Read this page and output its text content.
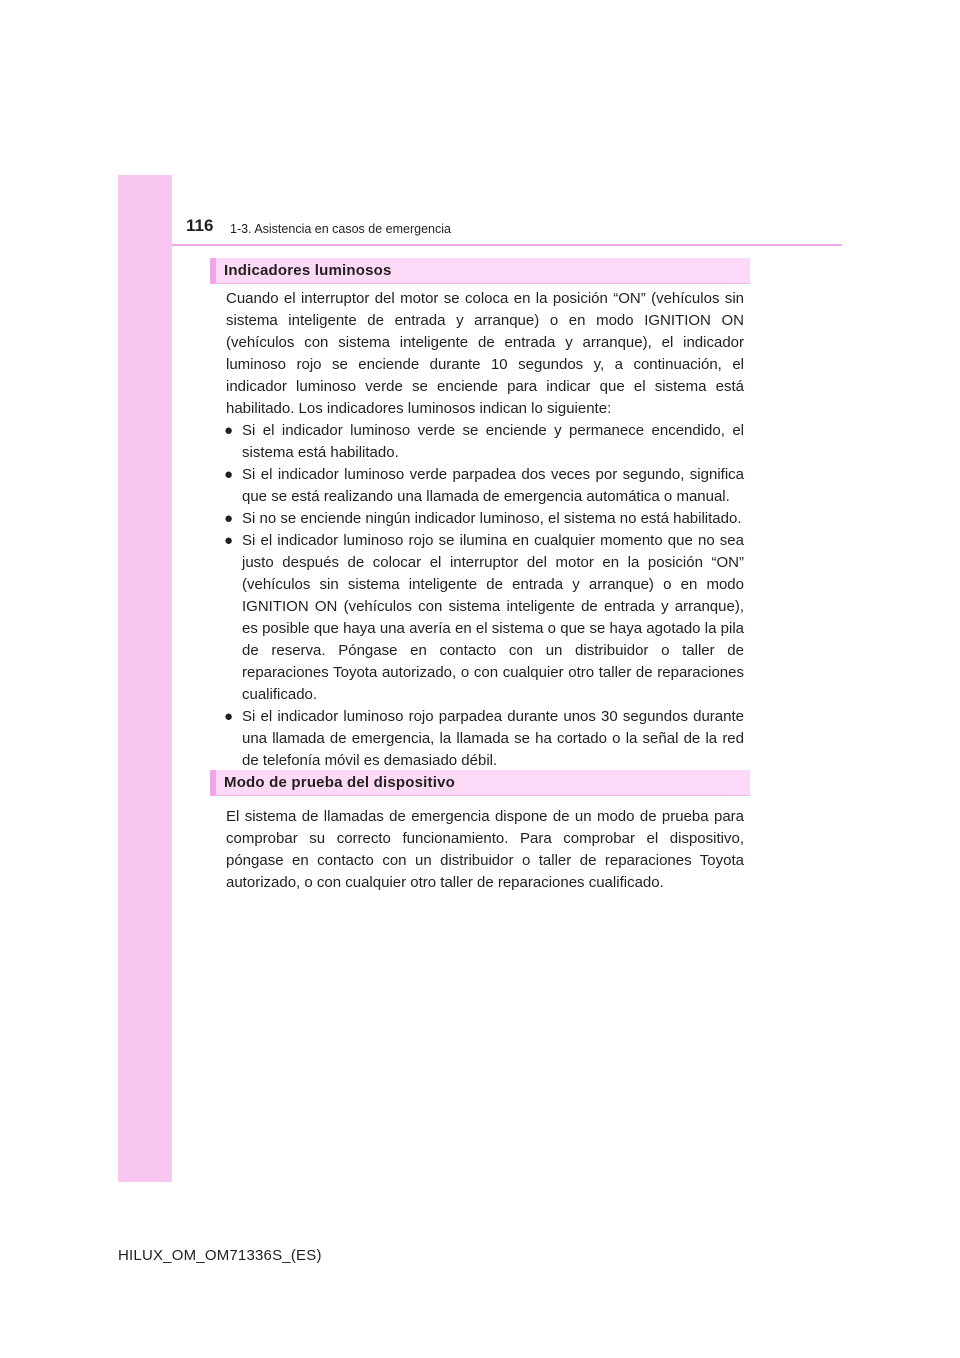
116 1-3. Asistencia en casos de emergencia
Indicadores luminosos

Cuando el interruptor del motor se coloca en la posición “ON” (vehículos sin sistema inteligente de entrada y arranque) o en modo IGNITION ON (vehículos con sistema inteligente de entrada y arranque), el indicador luminoso rojo se enciende durante 10 segundos y, a continuación, el indicador luminoso verde se enciende para indicar que el sistema está habilitado. Los indicadores luminosos indican lo siguiente:

● Si el indicador luminoso verde se enciende y permanece encendido, el sistema está habilitado.
● Si el indicador luminoso verde parpadea dos veces por segundo, significa que se está realizando una llamada de emergencia automática o manual.
● Si no se enciende ningún indicador luminoso, el sistema no está habilitado.
● Si el indicador luminoso rojo se ilumina en cualquier momento que no sea justo después de colocar el interruptor del motor en la posición “ON” (vehículos sin sistema inteligente de entrada y arranque) o en modo IGNITION ON (vehículos con sistema inteligente de entrada y arranque), es posible que haya una avería en el sistema o que se haya agotado la pila de reserva. Póngase en contacto con un distribuidor o taller de reparaciones Toyota autorizado, o con cualquier otro taller de reparaciones cualificado.
● Si el indicador luminoso rojo parpadea durante unos 30 segundos durante una llamada de emergencia, la llamada se ha cortado o la señal de la red de telefonía móvil es demasiado débil.
Modo de prueba del dispositivo

El sistema de llamadas de emergencia dispone de un modo de prueba para comprobar su correcto funcionamiento. Para comprobar el dispositivo, póngase en contacto con un distribuidor o taller de reparaciones Toyota autorizado, o con cualquier otro taller de reparaciones cualificado.

HILUX_OM_OM71336S_(ES)
